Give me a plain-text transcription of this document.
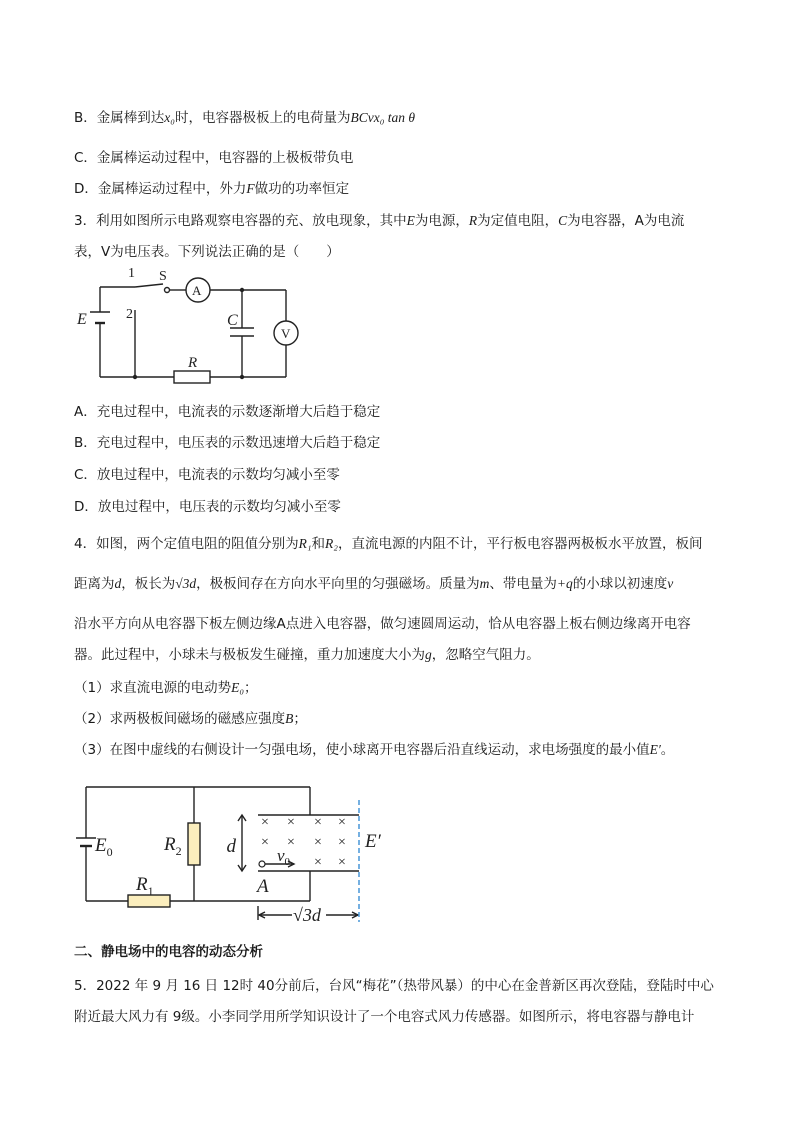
B．金属棒到达x₀时，电容器极板上的电荷量为BCvx₀ tan θ
C．金属棒运动过程中，电容器的上极板带负电
D．金属棒运动过程中，外力F做功的功率恒定
3．利用如图所示电路观察电容器的充、放电现象，其中E为电源，R为定值电阻，C为电容器，A为电流
表，V为电压表。下列说法正确的是（　　）
1 S
A
E	2	C
V
R
A．充电过程中，电流表的示数逐渐增大后趋于稳定
B．充电过程中，电压表的示数迅速增大后趋于稳定
C．放电过程中，电流表的示数均匀减小至零
D．放电过程中，电压表的示数均匀减小至零
4．如图，两个定值电阻的阻值分别为R₁和R₂，直流电源的内阻不计，平行板电容器两极板水平放置，板间
距离为d，板长为√3d，极板间存在方向水平向里的匀强磁场。质量为m、带电量为+q的小球以初速度v
沿水平方向从电容器下板左侧边缘A点进入电容器，做匀速圆周运动，恰从电容器上板右侧边缘离开电容
器。此过程中，小球未与极板发生碰撞，重力加速度大小为g，忽略空气阻力。
（1）求直流电源的电动势E₀；
（2）求两极板间磁场的磁感应强度B；
（3）在图中虚线的右侧设计一匀强电场，使小球离开电容器后沿直线运动，求电场强度的最小值E′。
× × × ×
× × × ×
× ×
$E_0$	$R_2$
$R_1$
d $v_0$
A
E′
√3d
二、静电场中的电容的动态分析
5．2022 年 9 月 16 日 12时 40分前后，台风“梅花”（热带风暴）的中心在金普新区再次登陆，登陆时中心
附近最大风力有 9级。小李同学用所学知识设计了一个电容式风力传感器。如图所示，将电容器与静电计
